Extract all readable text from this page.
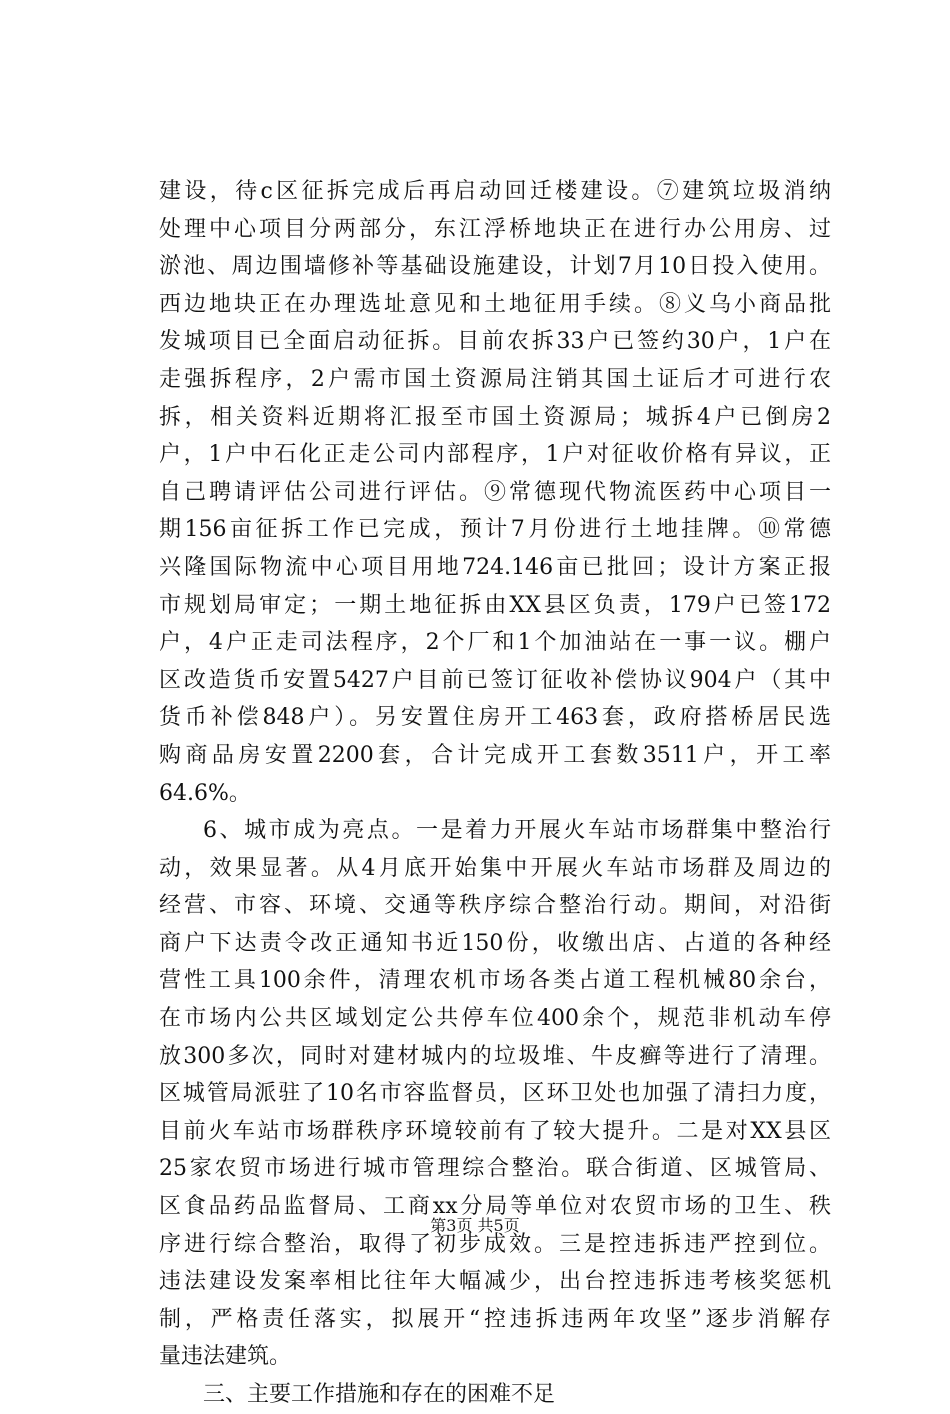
建设，待c区征拆完成后再启动回迁楼建设。⑦建筑垃圾消纳
处理中心项目分两部分，东江浮桥地块正在进行办公用房、过
淤池、周边围墙修补等基础设施建设，计划7月10日投入使用。
西边地块正在办理选址意见和土地征用手续。⑧义乌小商品批
发城项目已全面启动征拆。目前农拆33户已签约30户，1户在
走强拆程序，2户需市国土资源局注销其国土证后才可进行农
拆，相关资料近期将汇报至市国土资源局；城拆4户已倒房2
户，1户中石化正走公司内部程序，1户对征收价格有异议，正
自己聘请评估公司进行评估。⑨常德现代物流医药中心项目一
期156亩征拆工作已完成，预计7月份进行土地挂牌。⑩常德
兴隆国际物流中心项目用地724.146亩已批回；设计方案正报
市规划局审定；一期土地征拆由XX县区负责，179户已签172
户，4户正走司法程序，2个厂和1个加油站在一事一议。棚户
区改造货币安置5427户目前已签订征收补偿协议904户（其中
货币补偿848户）。另安置住房开工463套，政府搭桥居民选
购商品房安置2200套，合计完成开工套数3511户，开工率
64.6%。
6、城市成为亮点。一是着力开展火车站市场群集中整治行
动，效果显著。从4月底开始集中开展火车站市场群及周边的
经营、市容、环境、交通等秩序综合整治行动。期间，对沿街
商户下达责令改正通知书近150份，收缴出店、占道的各种经
营性工具100余件，清理农机市场各类占道工程机械80余台，
在市场内公共区域划定公共停车位400余个，规范非机动车停
放300多次，同时对建材城内的垃圾堆、牛皮癣等进行了清理。
区城管局派驻了10名市容监督员，区环卫处也加强了清扫力度，
目前火车站市场群秩序环境较前有了较大提升。二是对XX县区
25家农贸市场进行城市管理综合整治。联合街道、区城管局、
区食品药品监督局、工商xx分局等单位对农贸市场的卫生、秩
序进行综合整治，取得了初步成效。三是控违拆违严控到位。
违法建设发案率相比往年大幅减少，出台控违拆违考核奖惩机
制，严格责任落实，拟展开“控违拆违两年攻坚”逐步消解存
量违法建筑。
三、主要工作措施和存在的困难不足
第3页 共5页
